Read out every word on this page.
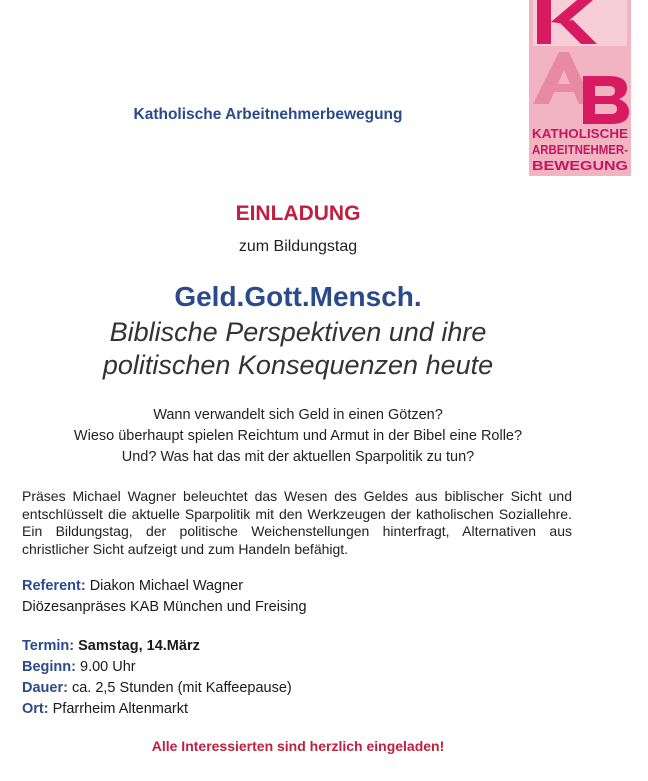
Katholische Arbeitnehmerbewegung
KATHOLISCHE
ARBEITNEHMER-
BEWEGUNG
EINLADUNG
zum Bildungstag
Geld.Gott.Mensch.
Biblische Perspektiven und ihre
politischen Konsequenzen heute
Wann verwandelt sich Geld in einen Götzen?
Wieso überhaupt spielen Reichtum und Armut in der Bibel eine Rolle?
Und? Was hat das mit der aktuellen Sparpolitik zu tun?
Präses Michael Wagner beleuchtet das Wesen des Geldes aus biblischer Sicht und entschlüsselt die aktuelle Sparpolitik mit den Werkzeugen der katholischen Soziallehre. Ein Bildungstag, der politische Weichenstellungen hinterfragt, Alternativen aus christlicher Sicht aufzeigt und zum Handeln befähigt.
Referent: Diakon Michael Wagner
Diözesanpräses KAB München und Freising
Termin: Samstag, 14.März
Beginn: 9.00 Uhr
Dauer: ca. 2,5 Stunden (mit Kaffeepause)
Ort: Pfarrheim Altenmarkt
Alle Interessierten sind herzlich eingeladen!
